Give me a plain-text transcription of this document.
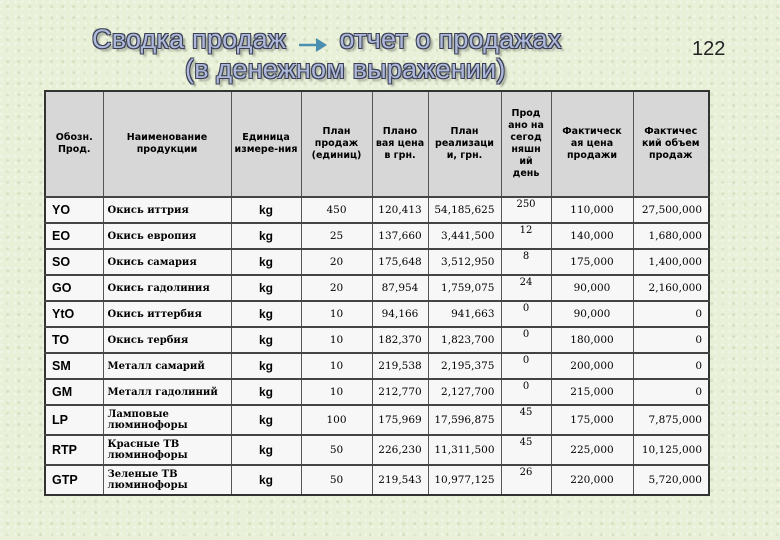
Сводка продаж отчет о продажах
(в денежном выражении)
122
Обозн. Прод.	Наименование продукции	Единица измере-ния	План продаж (единиц)	Плано вая цена в грн.	План реализаци и, грн.	Прод ано на сегод няшн ий день	Фактическ ая цена продажи	Фактичес кий объем продаж
YO	Окись иттрия	kg	450	120,413	54,185,625	250	110,000	27,500,000
EO	Окись европия	kg	25	137,660	3,441,500	12	140,000	1,680,000
SO	Окись самария	kg	20	175,648	3,512,950	8	175,000	1,400,000
GO	Окись гадолиния	kg	20	87,954	1,759,075	24	90,000	2,160,000
YtO	Окись иттербия	kg	10	94,166	941,663	0	90,000	0
TO	Окись тербия	kg	10	182,370	1,823,700	0	180,000	0
SM	Металл самарий	kg	10	219,538	2,195,375	0	200,000	0
GM	Металл гадолиний	kg	10	212,770	2,127,700	0	215,000	0
LP	Ламповые люминофоры	kg	100	175,969	17,596,875	45	175,000	7,875,000
RTP	Красные ТВ люминофоры	kg	50	226,230	11,311,500	45	225,000	10,125,000
GTP	Зеленые ТВ люминофоры	kg	50	219,543	10,977,125	26	220,000	5,720,000
